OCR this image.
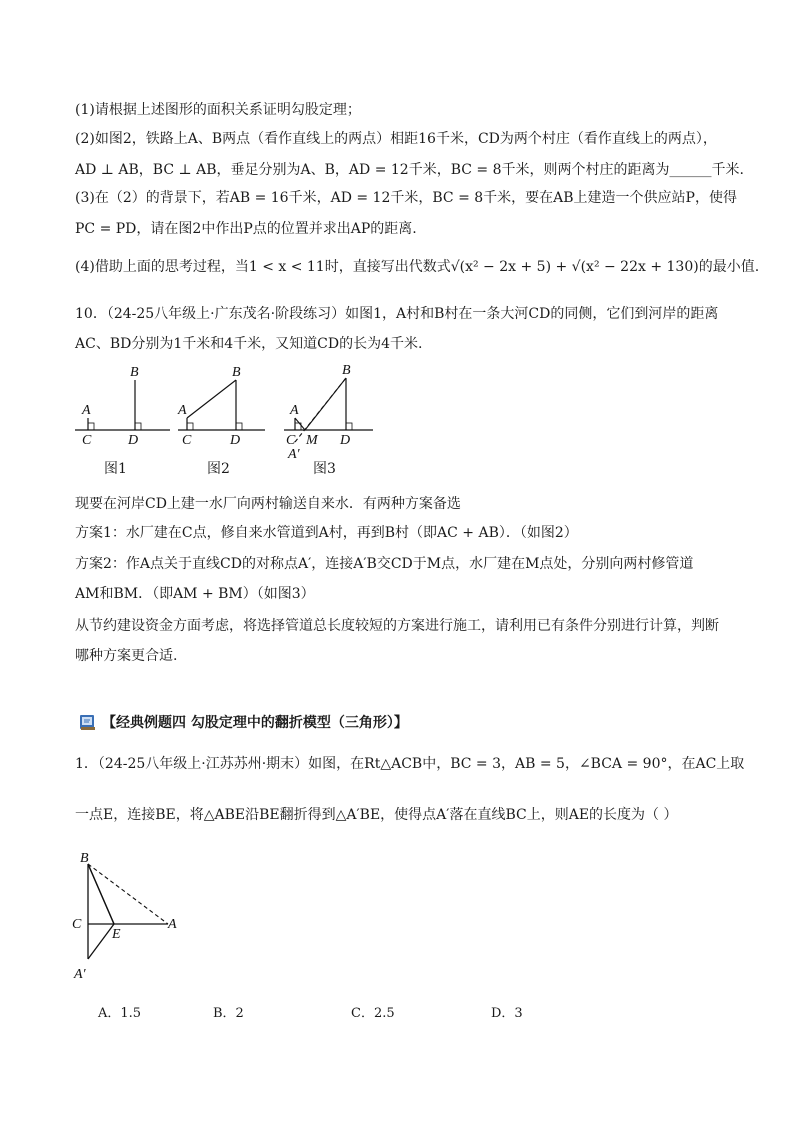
(1)请根据上述图形的面积关系证明勾股定理；
(2)如图2，铁路上A、B两点（看作直线上的两点）相距16千米，CD为两个村庄（看作直线上的两点），
AD ⊥ AB，BC ⊥ AB，垂足分别为A、B，AD = 12千米，BC = 8千米，则两个村庄的距离为______千米.
(3)在（2）的背景下，若AB = 16千米，AD = 12千米，BC = 8千米，要在AB上建造一个供应站P，使得
PC = PD，请在图2中作出P点的位置并求出AP的距离.
(4)借助上面的思考过程，当1 < x < 11时，直接写出代数式√(x² − 2x + 5) + √(x² − 22x + 130)的最小值.
10．（24-25八年级上·广东茂名·阶段练习）如图1，A村和B村在一条大河CD的同侧，它们到河岸的距离
AC、BD分别为1千米和4千米，又知道CD的长为4千米.
A
B
C	D
A
B
C	D
A
B
C M D
A′
图1	图2	图3
现要在河岸CD上建一水厂向两村输送自来水．有两种方案备选
方案1：水厂建在C点，修自来水管道到A村，再到B村（即AC + AB）．（如图2）
方案2：作A点关于直线CD的对称点A′，连接A′B交CD于M点，水厂建在M点处，分别向两村修管道
AM和BM．（即AM + BM）（如图3）
从节约建设资金方面考虑，将选择管道总长度较短的方案进行施工，请利用已有条件分别进行计算，判断
哪种方案更合适.
【经典例题四 勾股定理中的翻折模型（三角形）】
1．（24-25八年级上·江苏苏州·期末）如图，在Rt△ACB中，BC = 3，AB = 5，∠BCA = 90°，在AC上取
一点E，连接BE，将△ABE沿BE翻折得到△A′BE，使得点A′落在直线BC上，则AE的长度为（ ）
B
C
E
A
A′
A．1.5	B．2	C．2.5	D．3
